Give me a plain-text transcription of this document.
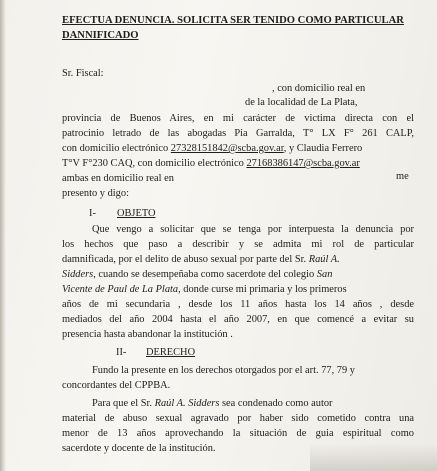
EFECTUA DENUNCIA. SOLICITA SER TENIDO COMO PARTICULAR
DANNIFICADO
Sr. Fiscal:
, con domicilio real en
de la localidad de La Plata,
provincia de Buenos Aires, en mi carácter de victima directa con el
patrocinio letrado de las abogadas Pia Garralda, T° LX F° 261 CALP,
con domicilio electrónico 27328151842@scba.gov.ar, y Claudia Ferrero
T°V F°230 CAQ, con domicilio electrónico 27168386147@scba.gov.ar
ambas en domicilio real en	me
presento y digo:
I- OBJETO
Que vengo a solicitar que se tenga por interpuesta la denuncia por
los hechos que paso a describir y se admita mi rol de particular
damnificada, por el delito de abuso sexual por parte del Sr. Raúl A.
Sidders, cuando se desempeñaba como sacerdote del colegio San
Vicente de Paul de La Plata, donde curse mi primaria y los primeros
años de mi secundaria , desde los 11 años hasta los 14 años , desde
mediados del año 2004 hasta el año 2007, en que comencé a evitar su
presencia hasta abandonar la institución .
II- DERECHO
Fundo la presente en los derechos otorgados por el art. 77, 79 y
concordantes del CPPBA.
Para que el Sr. Raúl A. Sidders sea condenado como autor
material de abuso sexual agravado por haber sido cometido contra una
menor de 13 años aprovechando la situación de guia espiritual como
sacerdote y docente de la institución.
